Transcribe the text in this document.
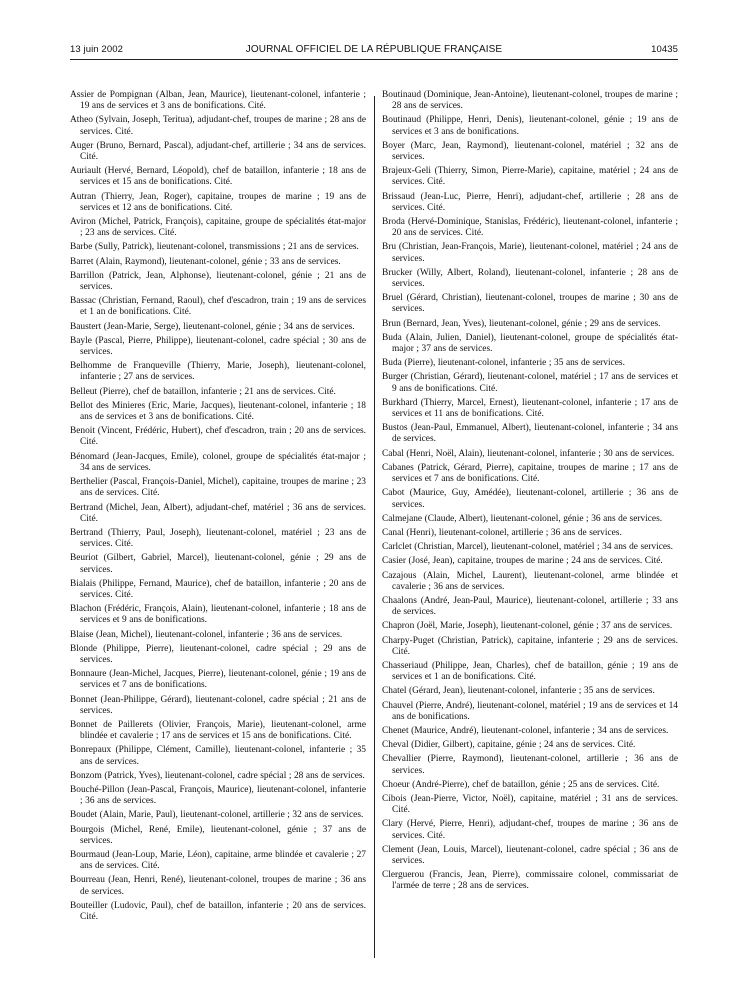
13 juin 2002	JOURNAL OFFICIEL DE LA RÉPUBLIQUE FRANÇAISE	10435

Assier de Pompignan (Alban, Jean, Maurice), lieutenant-colonel, infanterie ; 19 ans de services et 3 ans de bonifications. Cité.

Atheo (Sylvain, Joseph, Teritua), adjudant-chef, troupes de marine ; 28 ans de services. Cité.

Auger (Bruno, Bernard, Pascal), adjudant-chef, artillerie ; 34 ans de services. Cité.

Auriault (Hervé, Bernard, Léopold), chef de bataillon, infanterie ; 18 ans de services et 15 ans de bonifications. Cité.

Autran (Thierry, Jean, Roger), capitaine, troupes de marine ; 19 ans de services et 12 ans de bonifications. Cité.

Aviron (Michel, Patrick, François), capitaine, groupe de spécialités état-major ; 23 ans de services. Cité.

Barbe (Sully, Patrick), lieutenant-colonel, transmissions ; 21 ans de services.

Barret (Alain, Raymond), lieutenant-colonel, génie ; 33 ans de services.

Barrillon (Patrick, Jean, Alphonse), lieutenant-colonel, génie ; 21 ans de services.

Bassac (Christian, Fernand, Raoul), chef d'escadron, train ; 19 ans de services et 1 an de bonifications. Cité.

Baustert (Jean-Marie, Serge), lieutenant-colonel, génie ; 34 ans de services.

Bayle (Pascal, Pierre, Philippe), lieutenant-colonel, cadre spécial ; 30 ans de services.

Belhomme de Franqueville (Thierry, Marie, Joseph), lieutenant-colonel, infanterie ; 27 ans de services.

Belleut (Pierre), chef de bataillon, infanterie ; 21 ans de services. Cité.

Bellot des Minieres (Eric, Marie, Jacques), lieutenant-colonel, infanterie ; 18 ans de services et 3 ans de bonifications. Cité.

Benoit (Vincent, Frédéric, Hubert), chef d'escadron, train ; 20 ans de services. Cité.

Bénomard (Jean-Jacques, Emile), colonel, groupe de spécialités état-major ; 34 ans de services.

Berthelier (Pascal, François-Daniel, Michel), capitaine, troupes de marine ; 23 ans de services. Cité.

Bertrand (Michel, Jean, Albert), adjudant-chef, matériel ; 36 ans de services. Cité.

Bertrand (Thierry, Paul, Joseph), lieutenant-colonel, matériel ; 23 ans de services. Cité.

Beuriot (Gilbert, Gabriel, Marcel), lieutenant-colonel, génie ; 29 ans de services.

Bialais (Philippe, Fernand, Maurice), chef de bataillon, infanterie ; 20 ans de services. Cité.

Blachon (Frédéric, François, Alain), lieutenant-colonel, infanterie ; 18 ans de services et 9 ans de bonifications.

Blaise (Jean, Michel), lieutenant-colonel, infanterie ; 36 ans de services.

Blonde (Philippe, Pierre), lieutenant-colonel, cadre spécial ; 29 ans de services.

Bonnaure (Jean-Michel, Jacques, Pierre), lieutenant-colonel, génie ; 19 ans de services et 7 ans de bonifications.

Bonnet (Jean-Philippe, Gérard), lieutenant-colonel, cadre spécial ; 21 ans de services.

Bonnet de Paillerets (Olivier, François, Marie), lieutenant-colonel, arme blindée et cavalerie ; 17 ans de services et 15 ans de bonifications. Cité.

Bonrepaux (Philippe, Clément, Camille), lieutenant-colonel, infanterie ; 35 ans de services.

Bonzom (Patrick, Yves), lieutenant-colonel, cadre spécial ; 28 ans de services.

Bouché-Pillon (Jean-Pascal, François, Maurice), lieutenant-colonel, infanterie ; 36 ans de services.

Boudet (Alain, Marie, Paul), lieutenant-colonel, artillerie ; 32 ans de services.

Bourgois (Michel, René, Emile), lieutenant-colonel, génie ; 37 ans de services.

Bourmaud (Jean-Loup, Marie, Léon), capitaine, arme blindée et cavalerie ; 27 ans de services. Cité.

Bourreau (Jean, Henri, René), lieutenant-colonel, troupes de marine ; 36 ans de services.

Bouteiller (Ludovic, Paul), chef de bataillon, infanterie ; 20 ans de services. Cité.

Boutinaud (Dominique, Jean-Antoine), lieutenant-colonel, troupes de marine ; 28 ans de services.

Boutinaud (Philippe, Henri, Denis), lieutenant-colonel, génie ; 19 ans de services et 3 ans de bonifications.

Boyer (Marc, Jean, Raymond), lieutenant-colonel, matériel ; 32 ans de services.

Brajeux-Geli (Thierry, Simon, Pierre-Marie), capitaine, matériel ; 24 ans de services. Cité.

Brissaud (Jean-Luc, Pierre, Henri), adjudant-chef, artillerie ; 28 ans de services. Cité.

Broda (Hervé-Dominique, Stanislas, Frédéric), lieutenant-colonel, infanterie ; 20 ans de services. Cité.

Bru (Christian, Jean-François, Marie), lieutenant-colonel, matériel ; 24 ans de services.

Brucker (Willy, Albert, Roland), lieutenant-colonel, infanterie ; 28 ans de services.

Bruel (Gérard, Christian), lieutenant-colonel, troupes de marine ; 30 ans de services.

Brun (Bernard, Jean, Yves), lieutenant-colonel, génie ; 29 ans de services.

Buda (Alain, Julien, Daniel), lieutenant-colonel, groupe de spécialités état-major ; 37 ans de services.

Buda (Pierre), lieutenant-colonel, infanterie ; 35 ans de services.

Burger (Christian, Gérard), lieutenant-colonel, matériel ; 17 ans de services et 9 ans de bonifications. Cité.

Burkhard (Thierry, Marcel, Ernest), lieutenant-colonel, infanterie ; 17 ans de services et 11 ans de bonifications. Cité.

Bustos (Jean-Paul, Emmanuel, Albert), lieutenant-colonel, infanterie ; 34 ans de services.

Cabal (Henri, Noël, Alain), lieutenant-colonel, infanterie ; 30 ans de services.

Cabanes (Patrick, Gérard, Pierre), capitaine, troupes de marine ; 17 ans de services et 7 ans de bonifications. Cité.

Cabot (Maurice, Guy, Amédée), lieutenant-colonel, artillerie ; 36 ans de services.

Calmejane (Claude, Albert), lieutenant-colonel, génie ; 36 ans de services.

Canal (Henri), lieutenant-colonel, artillerie ; 36 ans de services.

Carlclet (Christian, Marcel), lieutenant-colonel, matériel ; 34 ans de services.

Casier (José, Jean), capitaine, troupes de marine ; 24 ans de services. Cité.

Cazajous (Alain, Michel, Laurent), lieutenant-colonel, arme blindée et cavalerie ; 36 ans de services.

Chaalons (André, Jean-Paul, Maurice), lieutenant-colonel, artillerie ; 33 ans de services.

Chapron (Joël, Marie, Joseph), lieutenant-colonel, génie ; 37 ans de services.

Charpy-Puget (Christian, Patrick), capitaine, infanterie ; 29 ans de services. Cité.

Chasseriaud (Philippe, Jean, Charles), chef de bataillon, génie ; 19 ans de services et 1 an de bonifications. Cité.

Chatel (Gérard, Jean), lieutenant-colonel, infanterie ; 35 ans de services.

Chauvel (Pierre, André), lieutenant-colonel, matériel ; 19 ans de services et 14 ans de bonifications.

Chenet (Maurice, André), lieutenant-colonel, infanterie ; 34 ans de services.

Cheval (Didier, Gilbert), capitaine, génie ; 24 ans de services. Cité.

Chevallier (Pierre, Raymond), lieutenant-colonel, artillerie ; 36 ans de services.

Choeur (André-Pierre), chef de bataillon, génie ; 25 ans de services. Cité.

Cibois (Jean-Pierre, Victor, Noël), capitaine, matériel ; 31 ans de services. Cité.

Clary (Hervé, Pierre, Henri), adjudant-chef, troupes de marine ; 36 ans de services. Cité.

Clement (Jean, Louis, Marcel), lieutenant-colonel, cadre spécial ; 36 ans de services.

Clerguerou (Francis, Jean, Pierre), commissaire colonel, commissariat de l'armée de terre ; 28 ans de services.
